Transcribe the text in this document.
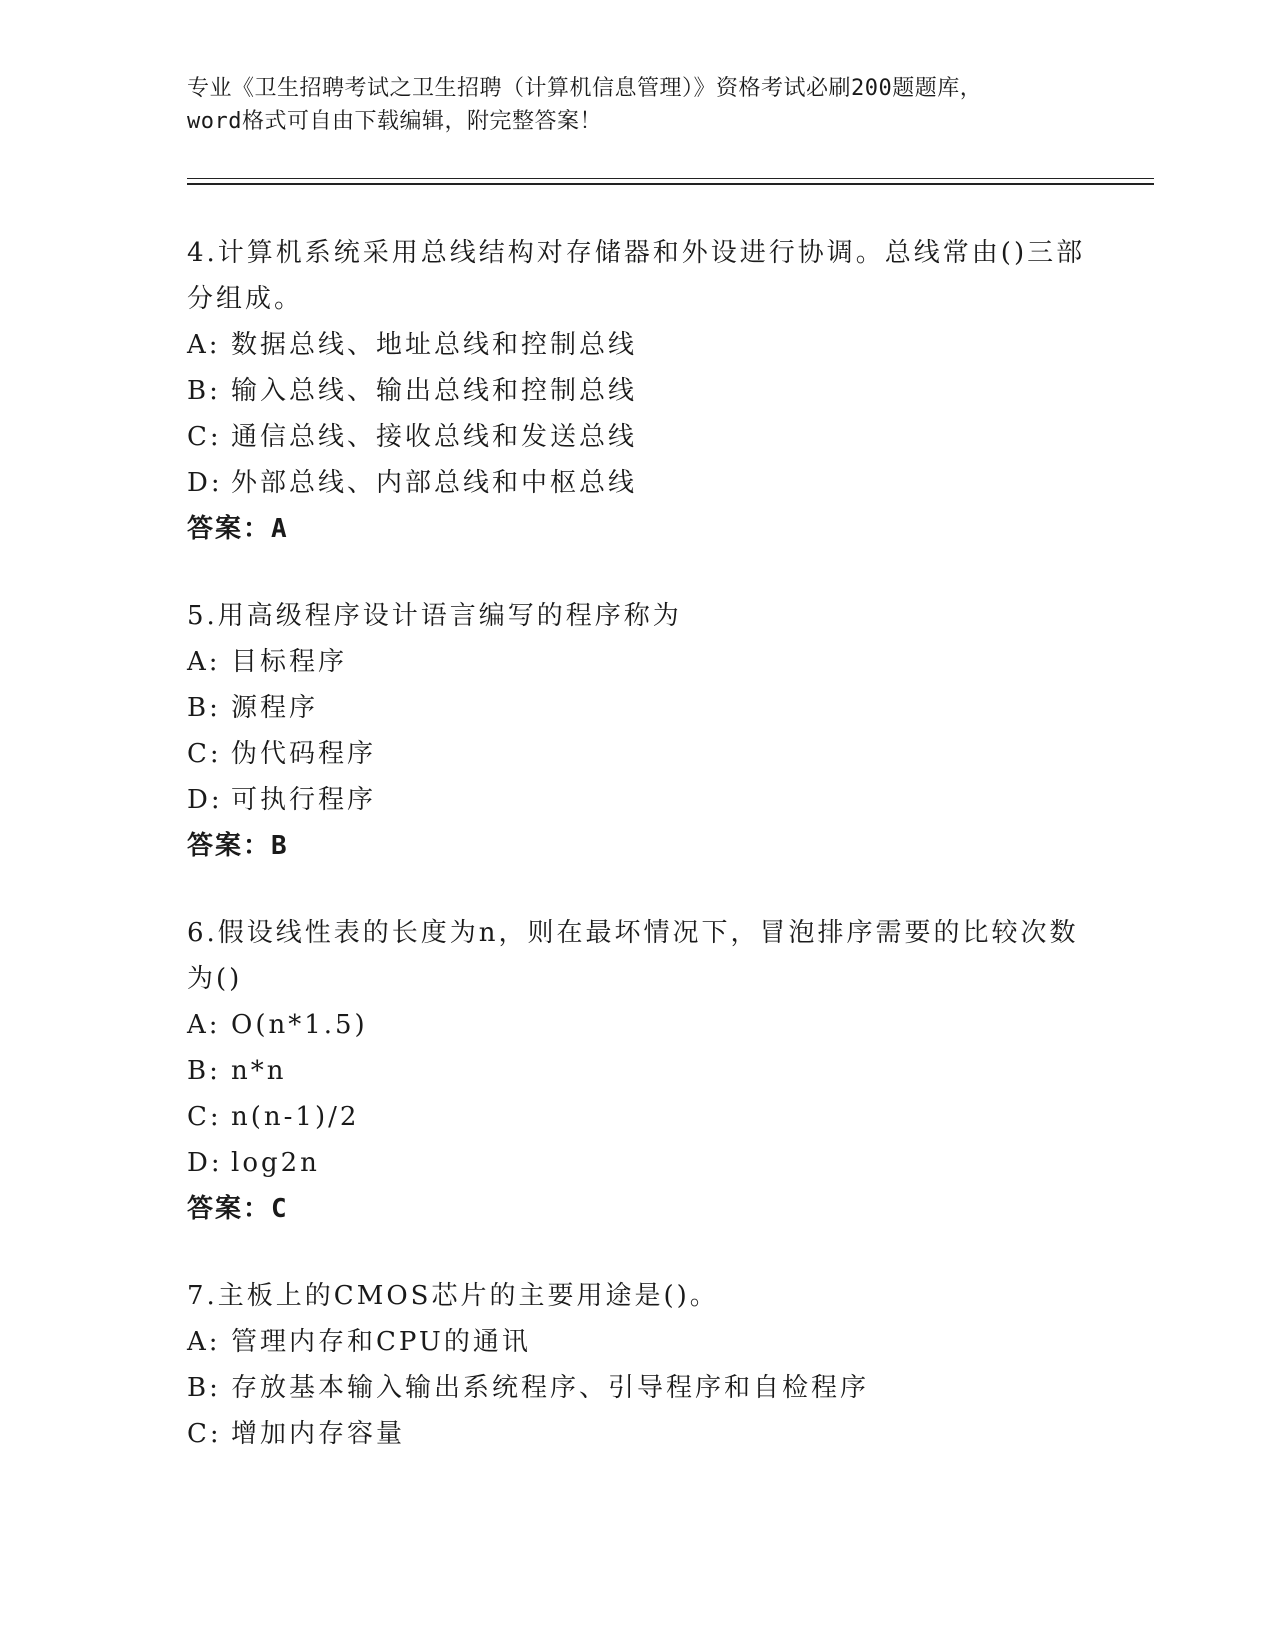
专业《卫生招聘考试之卫生招聘（计算机信息管理）》资格考试必刷200题题库，
word格式可自由下载编辑，附完整答案！

4.计算机系统采用总线结构对存储器和外设进行协调。总线常由()三部分组成。

A: 数据总线、地址总线和控制总线

B: 输入总线、输出总线和控制总线

C: 通信总线、接收总线和发送总线

D: 外部总线、内部总线和中枢总线

答案：A

5.用高级程序设计语言编写的程序称为

A: 目标程序

B: 源程序

C: 伪代码程序

D: 可执行程序

答案：B

6.假设线性表的长度为n，则在最坏情况下，冒泡排序需要的比较次数为()

A: O(n*1.5)

B: n*n

C: n(n-1)/2

D: log2n

答案：C

7.主板上的CMOS芯片的主要用途是()。

A: 管理内存和CPU的通讯

B: 存放基本输入输出系统程序、引导程序和自检程序

C: 增加内存容量
